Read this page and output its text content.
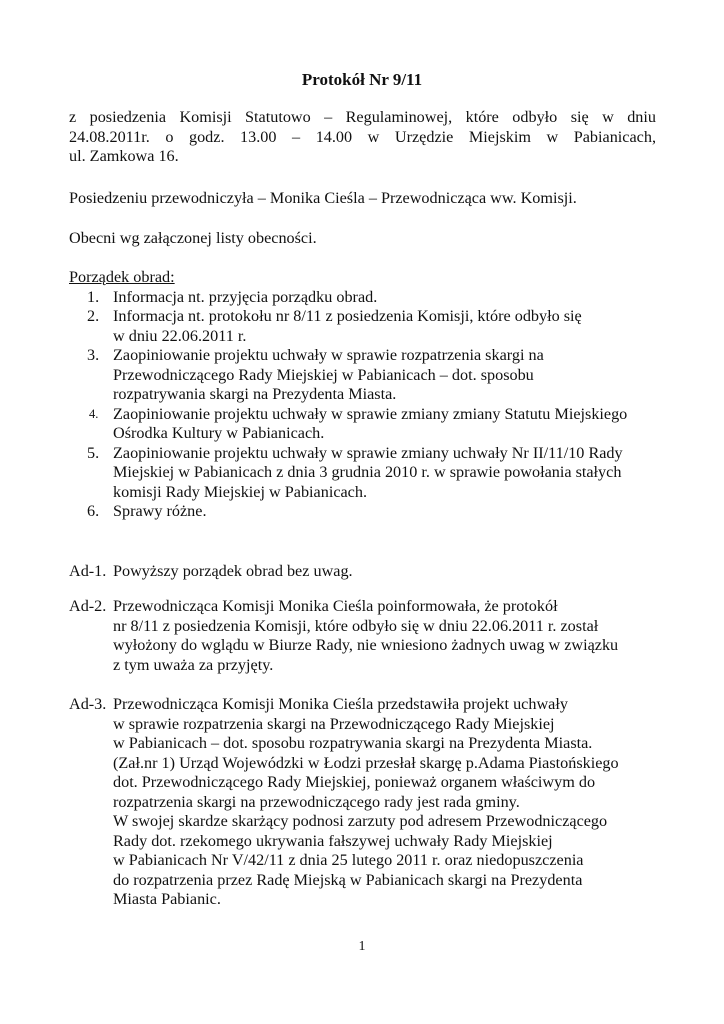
Protokół Nr 9/11
z posiedzenia Komisji Statutowo – Regulaminowej, które odbyło się w dniu
24.08.2011r. o godz. 13.00 – 14.00 w Urzędzie Miejskim w Pabianicach,
ul. Zamkowa 16.
Posiedzeniu przewodniczyła – Monika Cieśla – Przewodnicząca ww. Komisji.
Obecni wg załączonej listy obecności.
Porządek obrad:
1. Informacja nt. przyjęcia porządku obrad.
2. Informacja nt. protokołu nr 8/11 z posiedzenia Komisji, które odbyło się
w dniu 22.06.2011 r.
3. Zaopiniowanie projektu uchwały w sprawie rozpatrzenia skargi na
Przewodniczącego Rady Miejskiej w Pabianicach – dot. sposobu
rozpatrywania skargi na Prezydenta Miasta.
4. Zaopiniowanie projektu uchwały w sprawie zmiany zmiany Statutu Miejskiego
Ośrodka Kultury w Pabianicach.
5. Zaopiniowanie projektu uchwały w sprawie zmiany uchwały Nr II/11/10 Rady
Miejskiej w Pabianicach z dnia 3 grudnia 2010 r. w sprawie powołania stałych
komisji Rady Miejskiej w Pabianicach.
6. Sprawy różne.
Ad-1. Powyższy porządek obrad bez uwag.
Ad-2. Przewodnicząca Komisji Monika Cieśla poinformowała, że protokół
nr 8/11 z posiedzenia Komisji, które odbyło się w dniu 22.06.2011 r. został
wyłożony do wglądu w Biurze Rady, nie wniesiono żadnych uwag w związku
z tym uważa za przyjęty.
Ad-3. Przewodnicząca Komisji Monika Cieśla przedstawiła projekt uchwały
w sprawie rozpatrzenia skargi na Przewodniczącego Rady Miejskiej
w Pabianicach – dot. sposobu rozpatrywania skargi na Prezydenta Miasta.
(Zał.nr 1) Urząd Wojewódzki w Łodzi przesłał skargę p.Adama Piastońskiego
dot. Przewodniczącego Rady Miejskiej, ponieważ organem właściwym do
rozpatrzenia skargi na przewodniczącego rady jest rada gminy.
W swojej skardze skarżący podnosi zarzuty pod adresem Przewodniczącego
Rady dot. rzekomego ukrywania fałszywej uchwały Rady Miejskiej
w Pabianicach Nr V/42/11 z dnia 25 lutego 2011 r. oraz niedopuszczenia
do rozpatrzenia przez Radę Miejską w Pabianicach skargi na Prezydenta
Miasta Pabianic.
1
